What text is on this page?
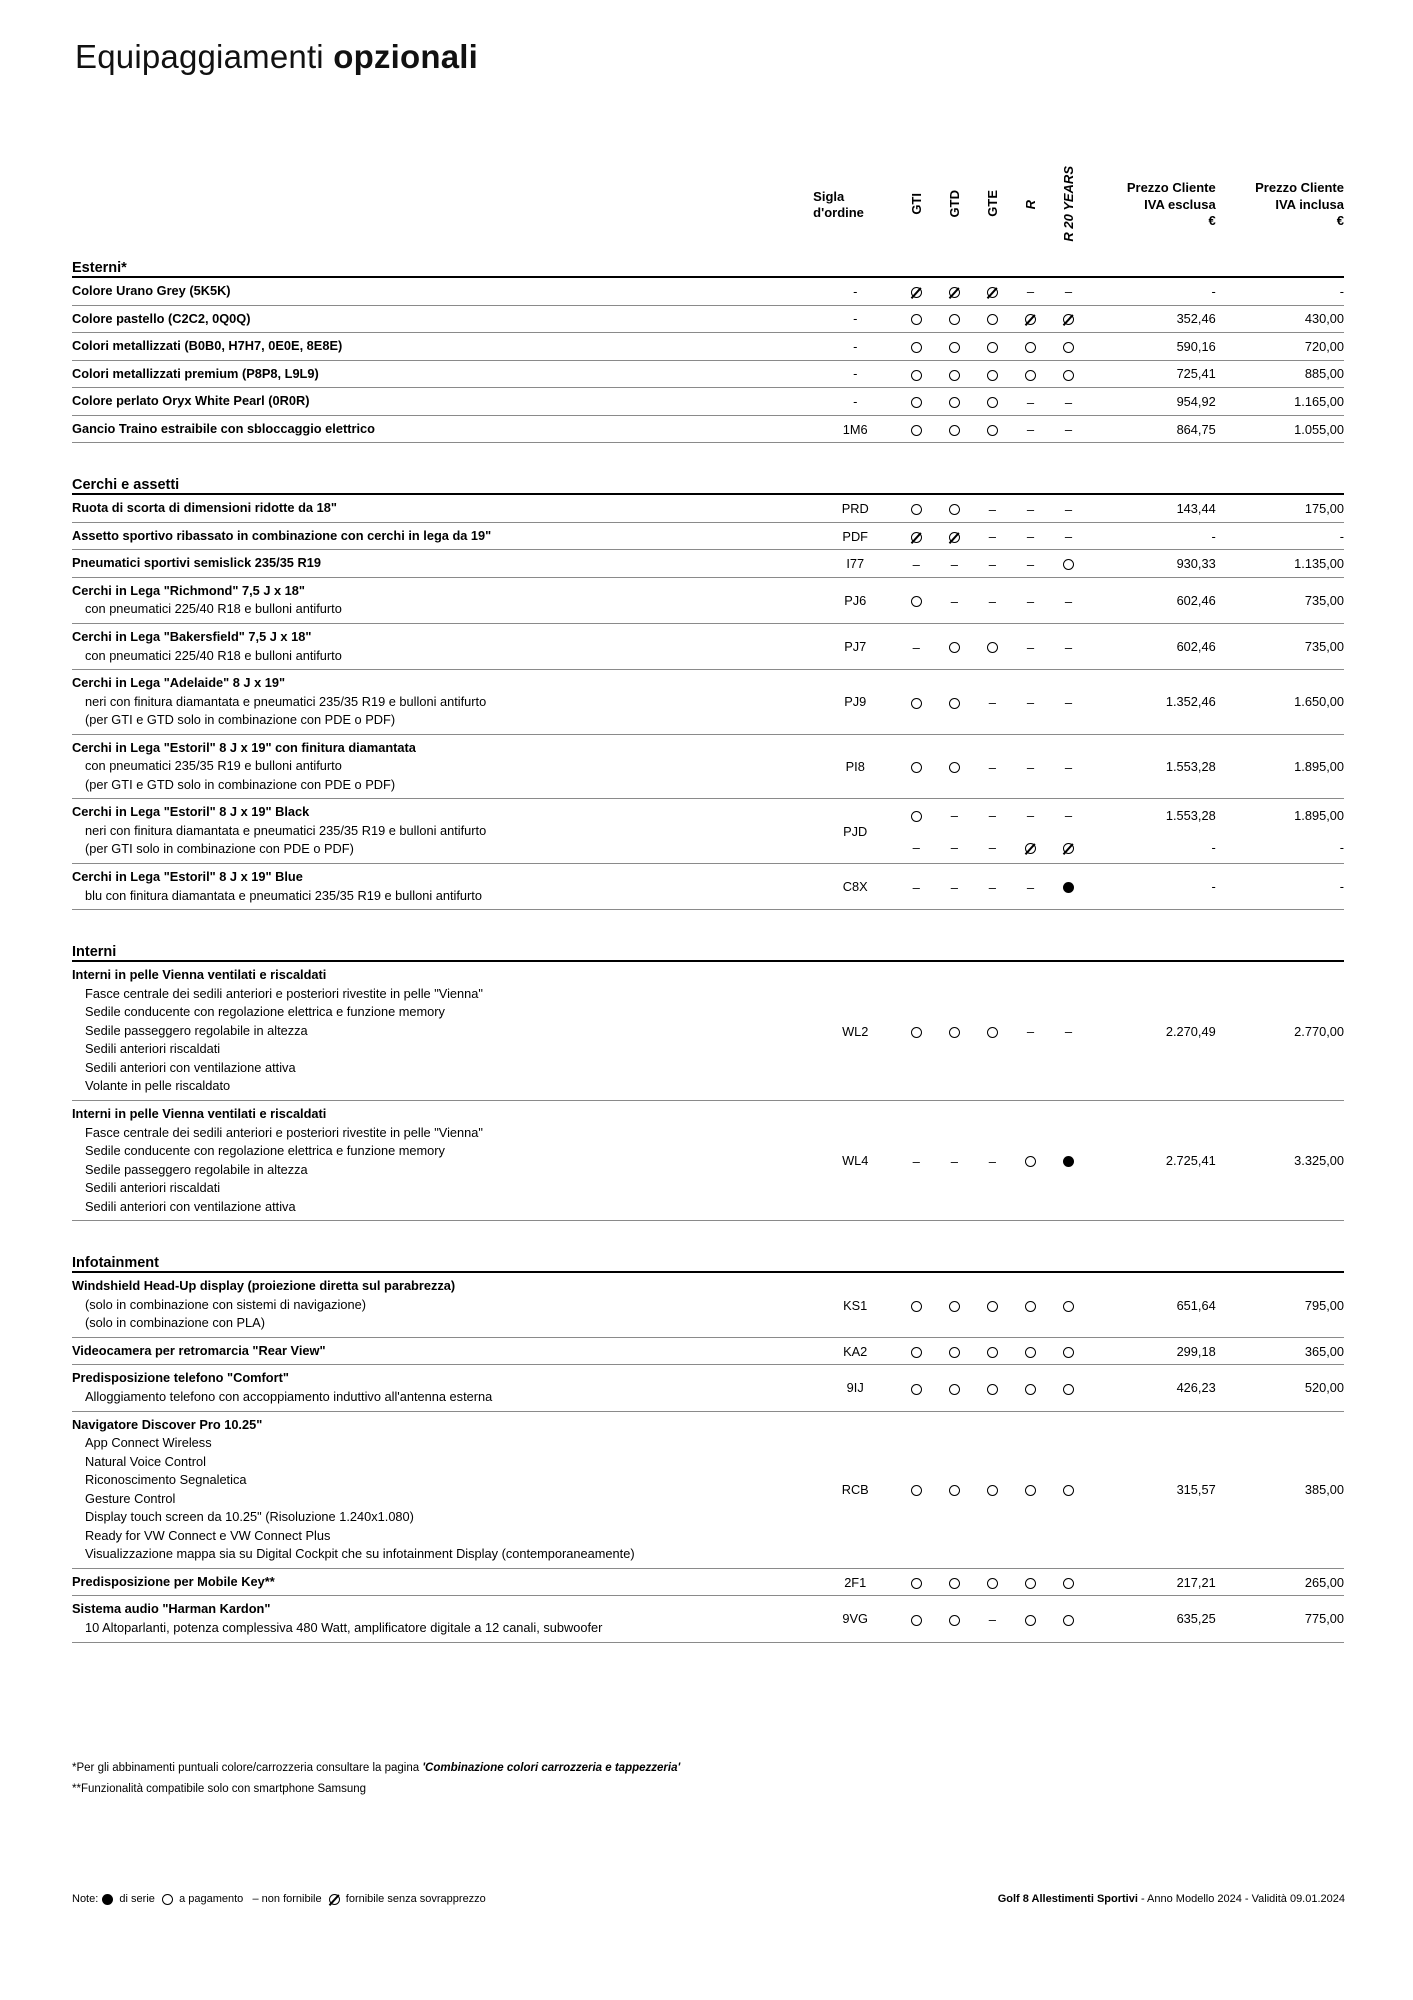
Equipaggiamenti opzionali
	Sigla
d'ordine	GTI	GTD	GTE	R	R 20 YEARS	Prezzo Cliente
IVA esclusa
€	Prezzo Cliente
IVA inclusa
€
Esterni*								

Colore Urano Grey (5K5K)	-				–	–	-	-

Colore pastello (C2C2, 0Q0Q)	-						352,46	430,00

Colori metallizzati (B0B0, H7H7, 0E0E, 8E8E)	-						590,16	720,00

Colori metallizzati premium (P8P8, L9L9)	-						725,41	885,00

Colore perlato Oryx White Pearl (0R0R)	-				–	–	954,92	1.165,00

Gancio Traino estraibile con sbloccaggio elettrico	1M6				–	–	864,75	1.055,00

Cerchi e assetti								

Ruota di scorta di dimensioni ridotte da 18"	PRD			–	–	–	143,44	175,00

Assetto sportivo ribassato in combinazione con cerchi in lega da 19"	PDF			–	–	–	-	-

Pneumatici sportivi semislick 235/35 R19	I77	–	–	–	–		930,33	1.135,00

Cerchi in Lega "Richmond" 7,5 J x 18"
con pneumatici 225/40 R18 e bulloni antifurto	PJ6		–	–	–	–	602,46	735,00

Cerchi in Lega "Bakersfield" 7,5 J x 18"
con pneumatici 225/40 R18 e bulloni antifurto	PJ7	–			–	–	602,46	735,00

Cerchi in Lega "Adelaide" 8 J x 19"
neri con finitura diamantata e pneumatici 235/35 R19 e bulloni antifurto
(per GTI e GTD solo in combinazione con PDE o PDF)	PJ9			–	–	–	1.352,46	1.650,00

Cerchi in Lega "Estoril" 8 J x 19" con finitura diamantata
con pneumatici 235/35 R19 e bulloni antifurto
(per GTI e GTD solo in combinazione con PDE o PDF)	PI8			–	–	–	1.553,28	1.895,00

Cerchi in Lega "Estoril" 8 J x 19" Black
neri con finitura diamantata e pneumatici 235/35 R19 e bulloni antifurto
(per GTI solo in combinazione con PDE o PDF)	PJD		–	–	–	–	1.553,28	1.895,00
		–	–	–			-	-

Cerchi in Lega "Estoril" 8 J x 19" Blue
blu con finitura diamantata e pneumatici 235/35 R19 e bulloni antifurto	C8X	–	–	–	–		-	-

Interni								

Interni in pelle Vienna ventilati e riscaldati
Fasce centrale dei sedili anteriori e posteriori rivestite in pelle "Vienna"
Sedile conducente con regolazione elettrica e funzione memory
Sedile passeggero regolabile in altezza
Sedili anteriori riscaldati
Sedili anteriori con ventilazione attiva
Volante in pelle riscaldato
	WL2				–	–	2.270,49	2.770,00

Interni in pelle Vienna ventilati e riscaldati
Fasce centrale dei sedili anteriori e posteriori rivestite in pelle "Vienna"
Sedile conducente con regolazione elettrica e funzione memory
Sedile passeggero regolabile in altezza
Sedili anteriori riscaldati
Sedili anteriori con ventilazione attiva
	WL4	–	–	–			2.725,41	3.325,00

Infotainment								

Windshield Head-Up display (proiezione diretta sul parabrezza)
(solo in combinazione con sistemi di navigazione)
(solo in combinazione con PLA)	KS1						651,64	795,00

Videocamera per retromarcia "Rear View"	KA2						299,18	365,00

Predisposizione telefono "Comfort"
Alloggiamento telefono con accoppiamento induttivo all'antenna esterna	9IJ						426,23	520,00

Navigatore Discover Pro 10.25"
App Connect Wireless
Natural Voice Control
Riconoscimento Segnaletica
Gesture Control
Display touch screen da 10.25" (Risoluzione 1.240x1.080)
Ready for VW Connect e VW Connect Plus
Visualizzazione mappa sia su Digital Cockpit che su infotainment Display (contemporaneamente)
	RCB						315,57	385,00

Predisposizione per Mobile Key**	2F1						217,21	265,00

Sistema audio "Harman Kardon"
10 Altoparlanti, potenza complessiva 480 Watt, amplificatore digitale a 12 canali, subwoofer	9VG			–			635,25	775,00

*Per gli abbinamenti puntuali colore/carrozzeria consultare la pagina 'Combinazione colori carrozzeria e tappezzeria'
**Funzionalità compatibile solo con smartphone Samsung
Note: di serie a pagamento – non fornibile fornibile senza sovrapprezzo	Golf 8 Allestimenti Sportivi - Anno Modello 2024 - Validità 09.01.2024
